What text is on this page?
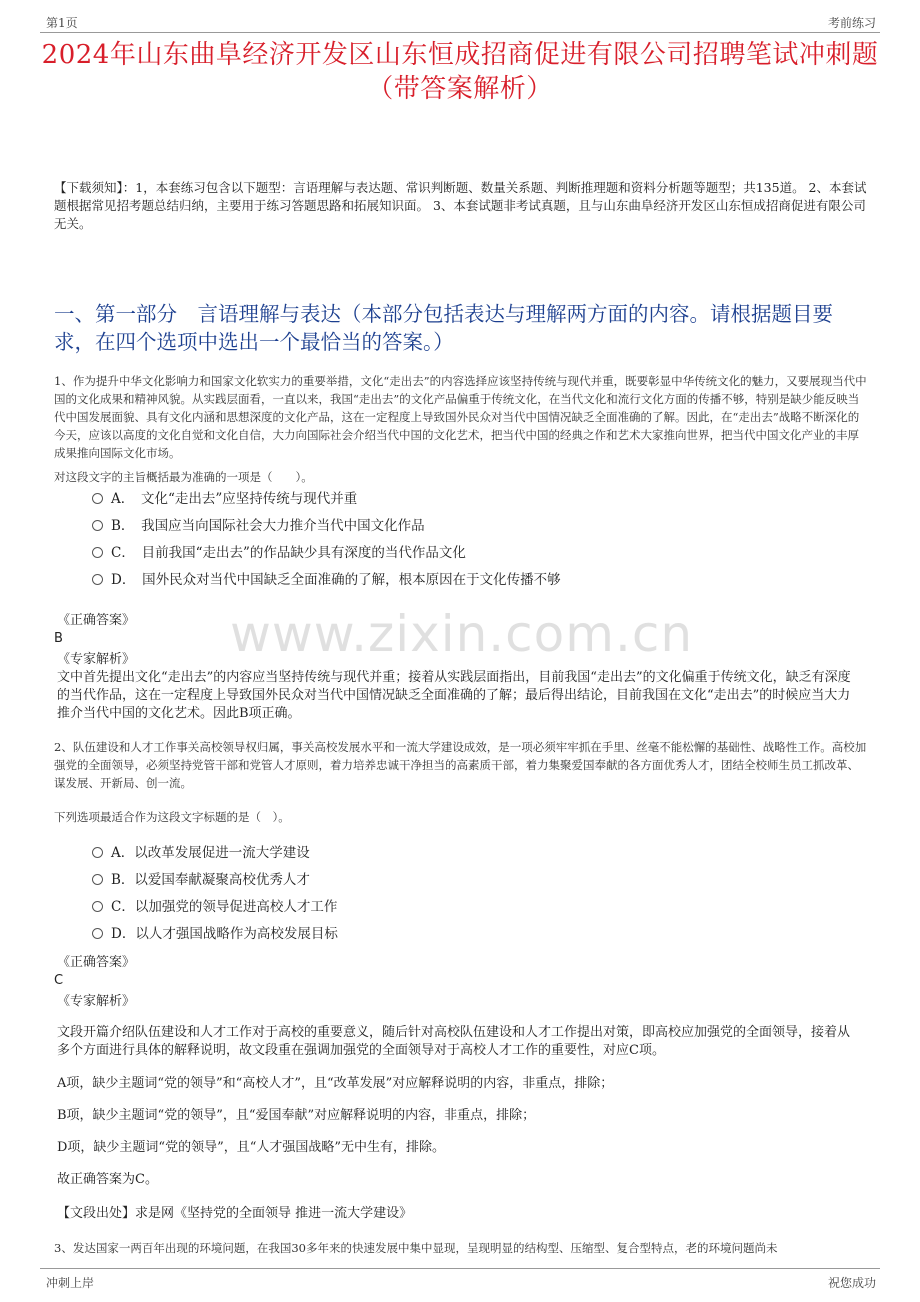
第1页	考前练习
2024年山东曲阜经济开发区山东恒成招商促进有限公司招聘笔试冲刺题（带答案解析）
【下载须知】：1，本套练习包含以下题型：言语理解与表达题、常识判断题、数量关系题、判断推理题和资料分析题等题型；共135道。 2、本套试题根据常见招考题总结归纳，主要用于练习答题思路和拓展知识面。 3、本套试题非考试真题，且与山东曲阜经济开发区山东恒成招商促进有限公司无关。
一、第一部分　言语理解与表达（本部分包括表达与理解两方面的内容。请根据题目要求，在四个选项中选出一个最恰当的答案。）
www.zixin.com.cn
1、作为提升中华文化影响力和国家文化软实力的重要举措，文化“走出去”的内容选择应该坚持传统与现代并重，既要彰显中华传统文化的魅力，又要展现当代中国的文化成果和精神风貌。从实践层面看，一直以来，我国“走出去”的文化产品偏重于传统文化，在当代文化和流行文化方面的传播不够，特别是缺少能反映当代中国发展面貌、具有文化内涵和思想深度的文化产品，这在一定程度上导致国外民众对当代中国情况缺乏全面准确的了解。因此，在“走出去”战略不断深化的今天，应该以高度的文化自觉和文化自信，大力向国际社会介绍当代中国的文化艺术，把当代中国的经典之作和艺术大家推向世界，把当代中国文化产业的丰厚成果推向国际文化市场。
对这段文字的主旨概括最为准确的一项是（　　）。
A．　文化“走出去”应坚持传统与现代并重
B．　我国应当向国际社会大力推介当代中国文化作品
C．　目前我国“走出去”的作品缺少具有深度的当代作品文化
D．　国外民众对当代中国缺乏全面准确的了解，根本原因在于文化传播不够
《正确答案》
B
《专家解析》
文中首先提出文化“走出去”的内容应当坚持传统与现代并重；接着从实践层面指出，目前我国“走出去”的文化偏重于传统文化，缺乏有深度的当代作品，这在一定程度上导致国外民众对当代中国情况缺乏全面准确的了解；最后得出结论，目前我国在文化“走出去”的时候应当大力推介当代中国的文化艺术。因此B项正确。
2、队伍建设和人才工作事关高校领导权归属，事关高校发展水平和一流大学建设成效，是一项必须牢牢抓在手里、丝毫不能松懈的基础性、战略性工作。高校加强党的全面领导，必须坚持党管干部和党管人才原则，着力培养忠诚干净担当的高素质干部，着力集聚爱国奉献的各方面优秀人才，团结全校师生员工抓改革、谋发展、开新局、创一流。
下列选项最适合作为这段文字标题的是（　）。
A．以改革发展促进一流大学建设
B．以爱国奉献凝聚高校优秀人才
C．以加强党的领导促进高校人才工作
D．以人才强国战略作为高校发展目标
《正确答案》
C
《专家解析》
文段开篇介绍队伍建设和人才工作对于高校的重要意义，随后针对高校队伍建设和人才工作提出对策，即高校应加强党的全面领导，接着从多个方面进行具体的解释说明，故文段重在强调加强党的全面领导对于高校人才工作的重要性，对应C项。
A项，缺少主题词“党的领导”和“高校人才”，且“改革发展”对应解释说明的内容，非重点，排除；
B项，缺少主题词“党的领导”，且“爱国奉献”对应解释说明的内容，非重点，排除；
D项，缺少主题词“党的领导”，且“人才强国战略”无中生有，排除。
故正确答案为C。
【文段出处】求是网《坚持党的全面领导 推进一流大学建设》
3、发达国家一两百年出现的环境问题，在我国30多年来的快速发展中集中显现，呈现明显的结构型、压缩型、复合型特点，老的环境问题尚未
冲刺上岸	祝您成功
